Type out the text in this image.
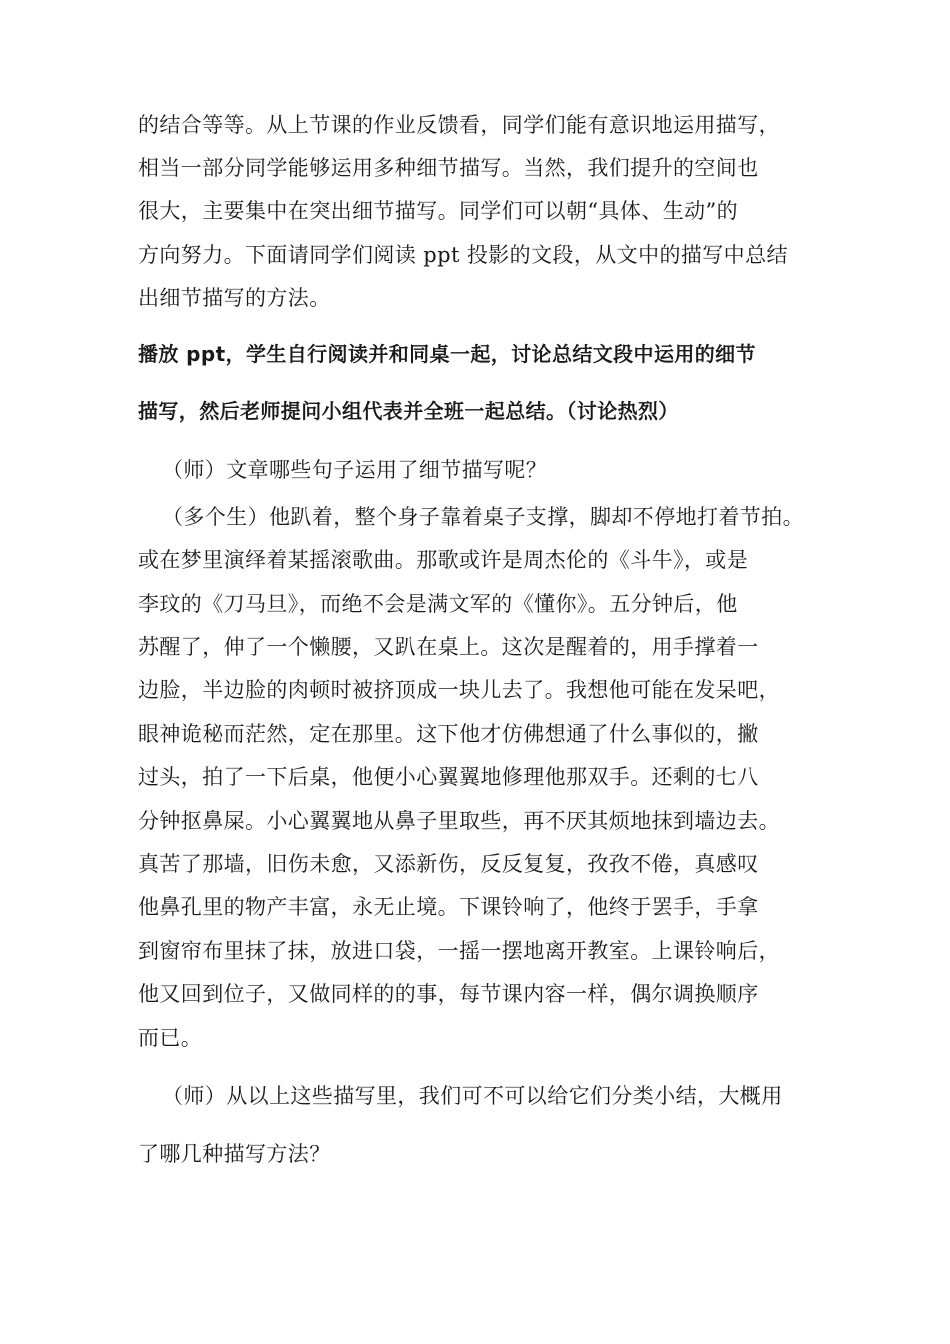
的结合等等。从上节课的作业反馈看，同学们能有意识地运用描写，
相当一部分同学能够运用多种细节描写。当然，我们提升的空间也
很大，主要集中在突出细节描写。同学们可以朝“具体、生动”的
方向努力。下面请同学们阅读 ppt 投影的文段，从文中的描写中总结
出细节描写的方法。
播放 ppt，学生自行阅读并和同桌一起，讨论总结文段中运用的细节
描写，然后老师提问小组代表并全班一起总结。（讨论热烈）
（师）文章哪些句子运用了细节描写呢？
（多个生）他趴着，整个身子靠着桌子支撑，脚却不停地打着节拍。
或在梦里演绎着某摇滚歌曲。那歌或许是周杰伦的《斗牛》，或是
李玟的《刀马旦》，而绝不会是满文军的《懂你》。五分钟后，他
苏醒了，伸了一个懒腰，又趴在桌上。这次是醒着的，用手撑着一
边脸，半边脸的肉顿时被挤顶成一块儿去了。我想他可能在发呆吧，
眼神诡秘而茫然，定在那里。这下他才仿佛想通了什么事似的，撇
过头，拍了一下后桌，他便小心翼翼地修理他那双手。还剩的七八
分钟抠鼻屎。小心翼翼地从鼻子里取些，再不厌其烦地抹到墙边去。
真苦了那墙，旧伤未愈，又添新伤，反反复复，孜孜不倦，真感叹
他鼻孔里的物产丰富，永无止境。下课铃响了，他终于罢手，手拿
到窗帘布里抹了抹，放进口袋，一摇一摆地离开教室。上课铃响后，
他又回到位子，又做同样的的事，每节课内容一样，偶尔调换顺序
而已。
（师）从以上这些描写里，我们可不可以给它们分类小结，大概用
了哪几种描写方法？
